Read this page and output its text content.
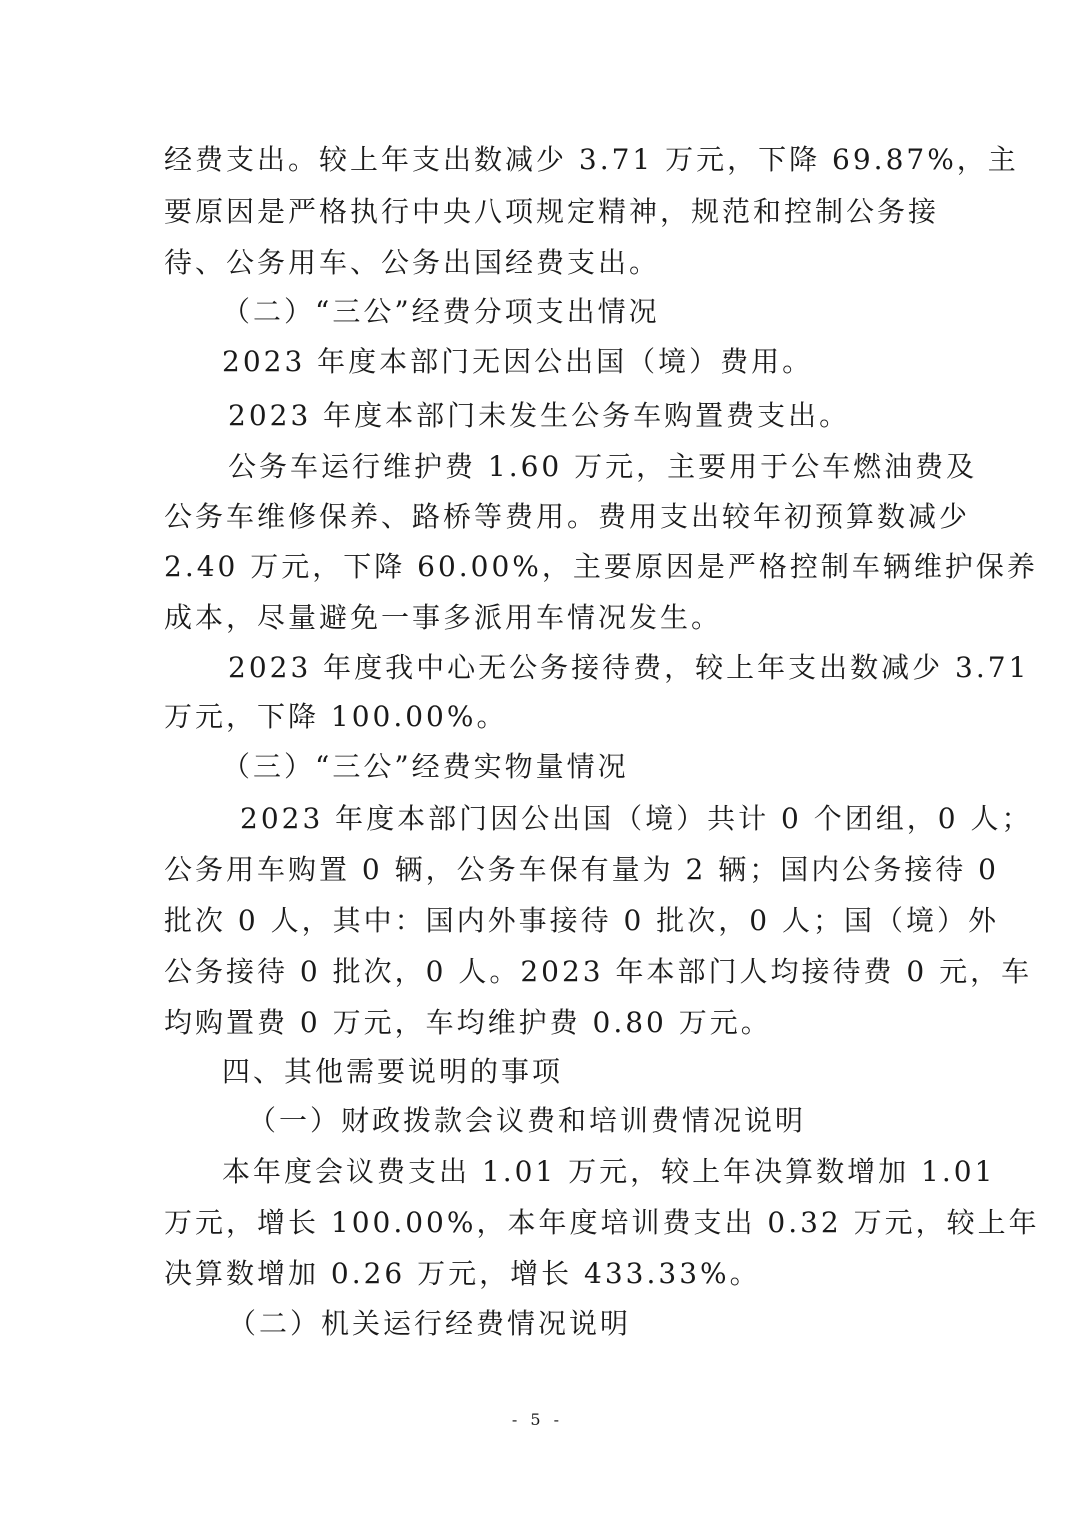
经费支出。较上年支出数减少 3.71 万元，下降 69.87%，主
要原因是严格执行中央八项规定精神，规范和控制公务接
待、公务用车、公务出国经费支出。
（二）“三公”经费分项支出情况
2023 年度本部门无因公出国（境）费用。
2023 年度本部门未发生公务车购置费支出。
公务车运行维护费 1.60 万元，主要用于公车燃油费及
公务车维修保养、路桥等费用。费用支出较年初预算数减少
2.40 万元，下降 60.00%，主要原因是严格控制车辆维护保养
成本，尽量避免一事多派用车情况发生。
2023 年度我中心无公务接待费，较上年支出数减少 3.71
万元，下降 100.00%。
（三）“三公”经费实物量情况
2023 年度本部门因公出国（境）共计 0 个团组，0 人；
公务用车购置 0 辆，公务车保有量为 2 辆；国内公务接待 0
批次 0 人，其中：国内外事接待 0 批次，0 人；国（境）外
公务接待 0 批次，0 人。2023 年本部门人均接待费 0 元，车
均购置费 0 万元，车均维护费 0.80 万元。
四、其他需要说明的事项
（一）财政拨款会议费和培训费情况说明
本年度会议费支出 1.01 万元，较上年决算数增加 1.01
万元，增长 100.00%，本年度培训费支出 0.32 万元，较上年
决算数增加 0.26 万元，增长 433.33%。
（二）机关运行经费情况说明
- 5 -
